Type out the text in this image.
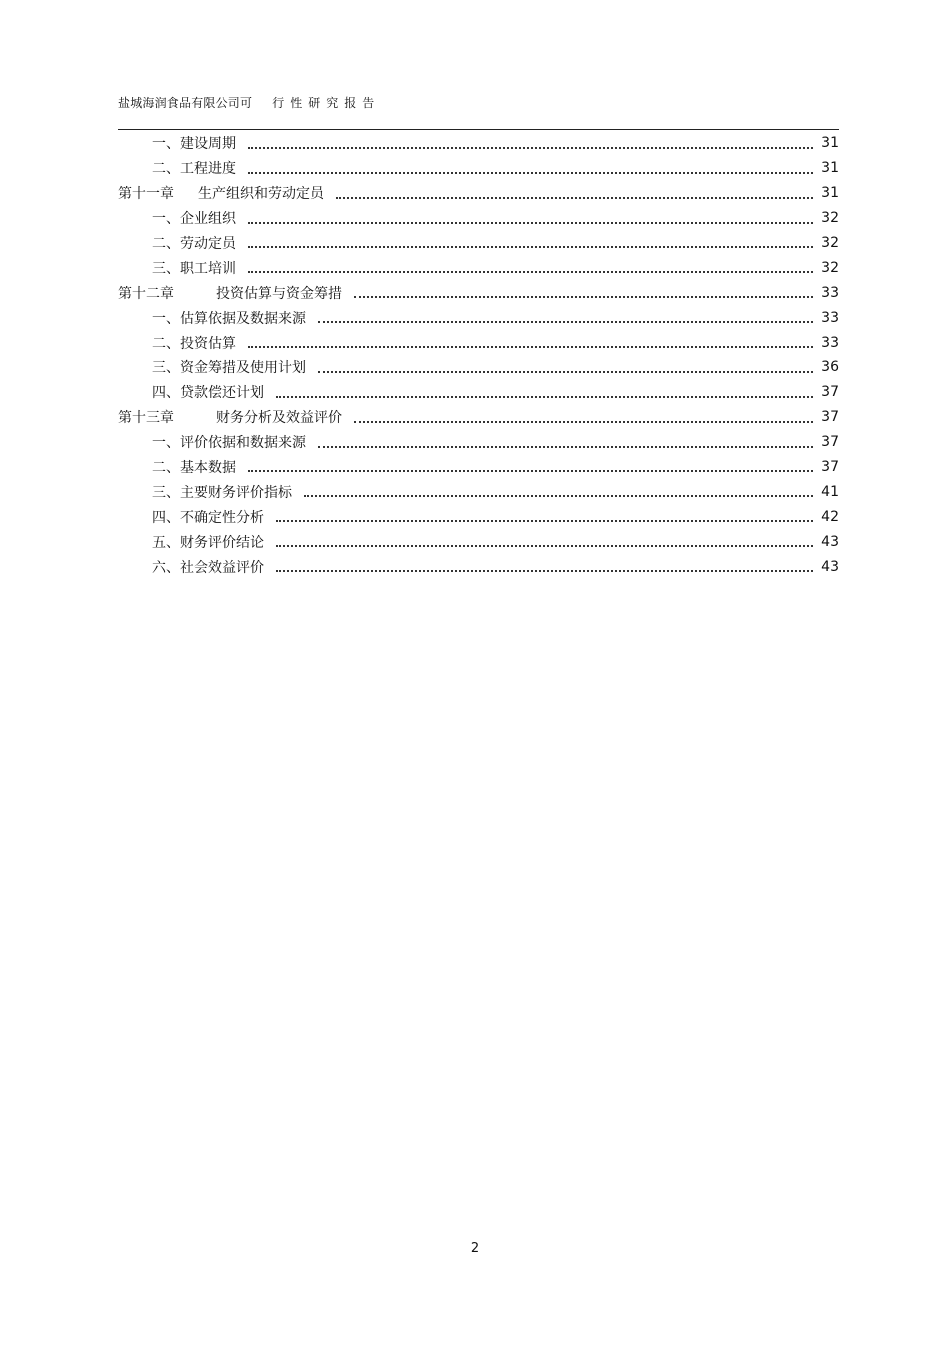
盐城海润食品有限公司可 行性研究报告
一、建设周期	31
二、工程进度	31
第十一章 生产组织和劳动定员	31
一、企业组织	32
二、劳动定员	32
三、职工培训	32
第十二章	投资估算与资金筹措	33
一、估算依据及数据来源	33
二、投资估算	33
三、资金筹措及使用计划	36
四、贷款偿还计划	37
第十三章	财务分析及效益评价	37
一、评价依据和数据来源	37
二、基本数据	37
三、主要财务评价指标	41
四、不确定性分析	42
五、财务评价结论	43
六、社会效益评价	43
2
